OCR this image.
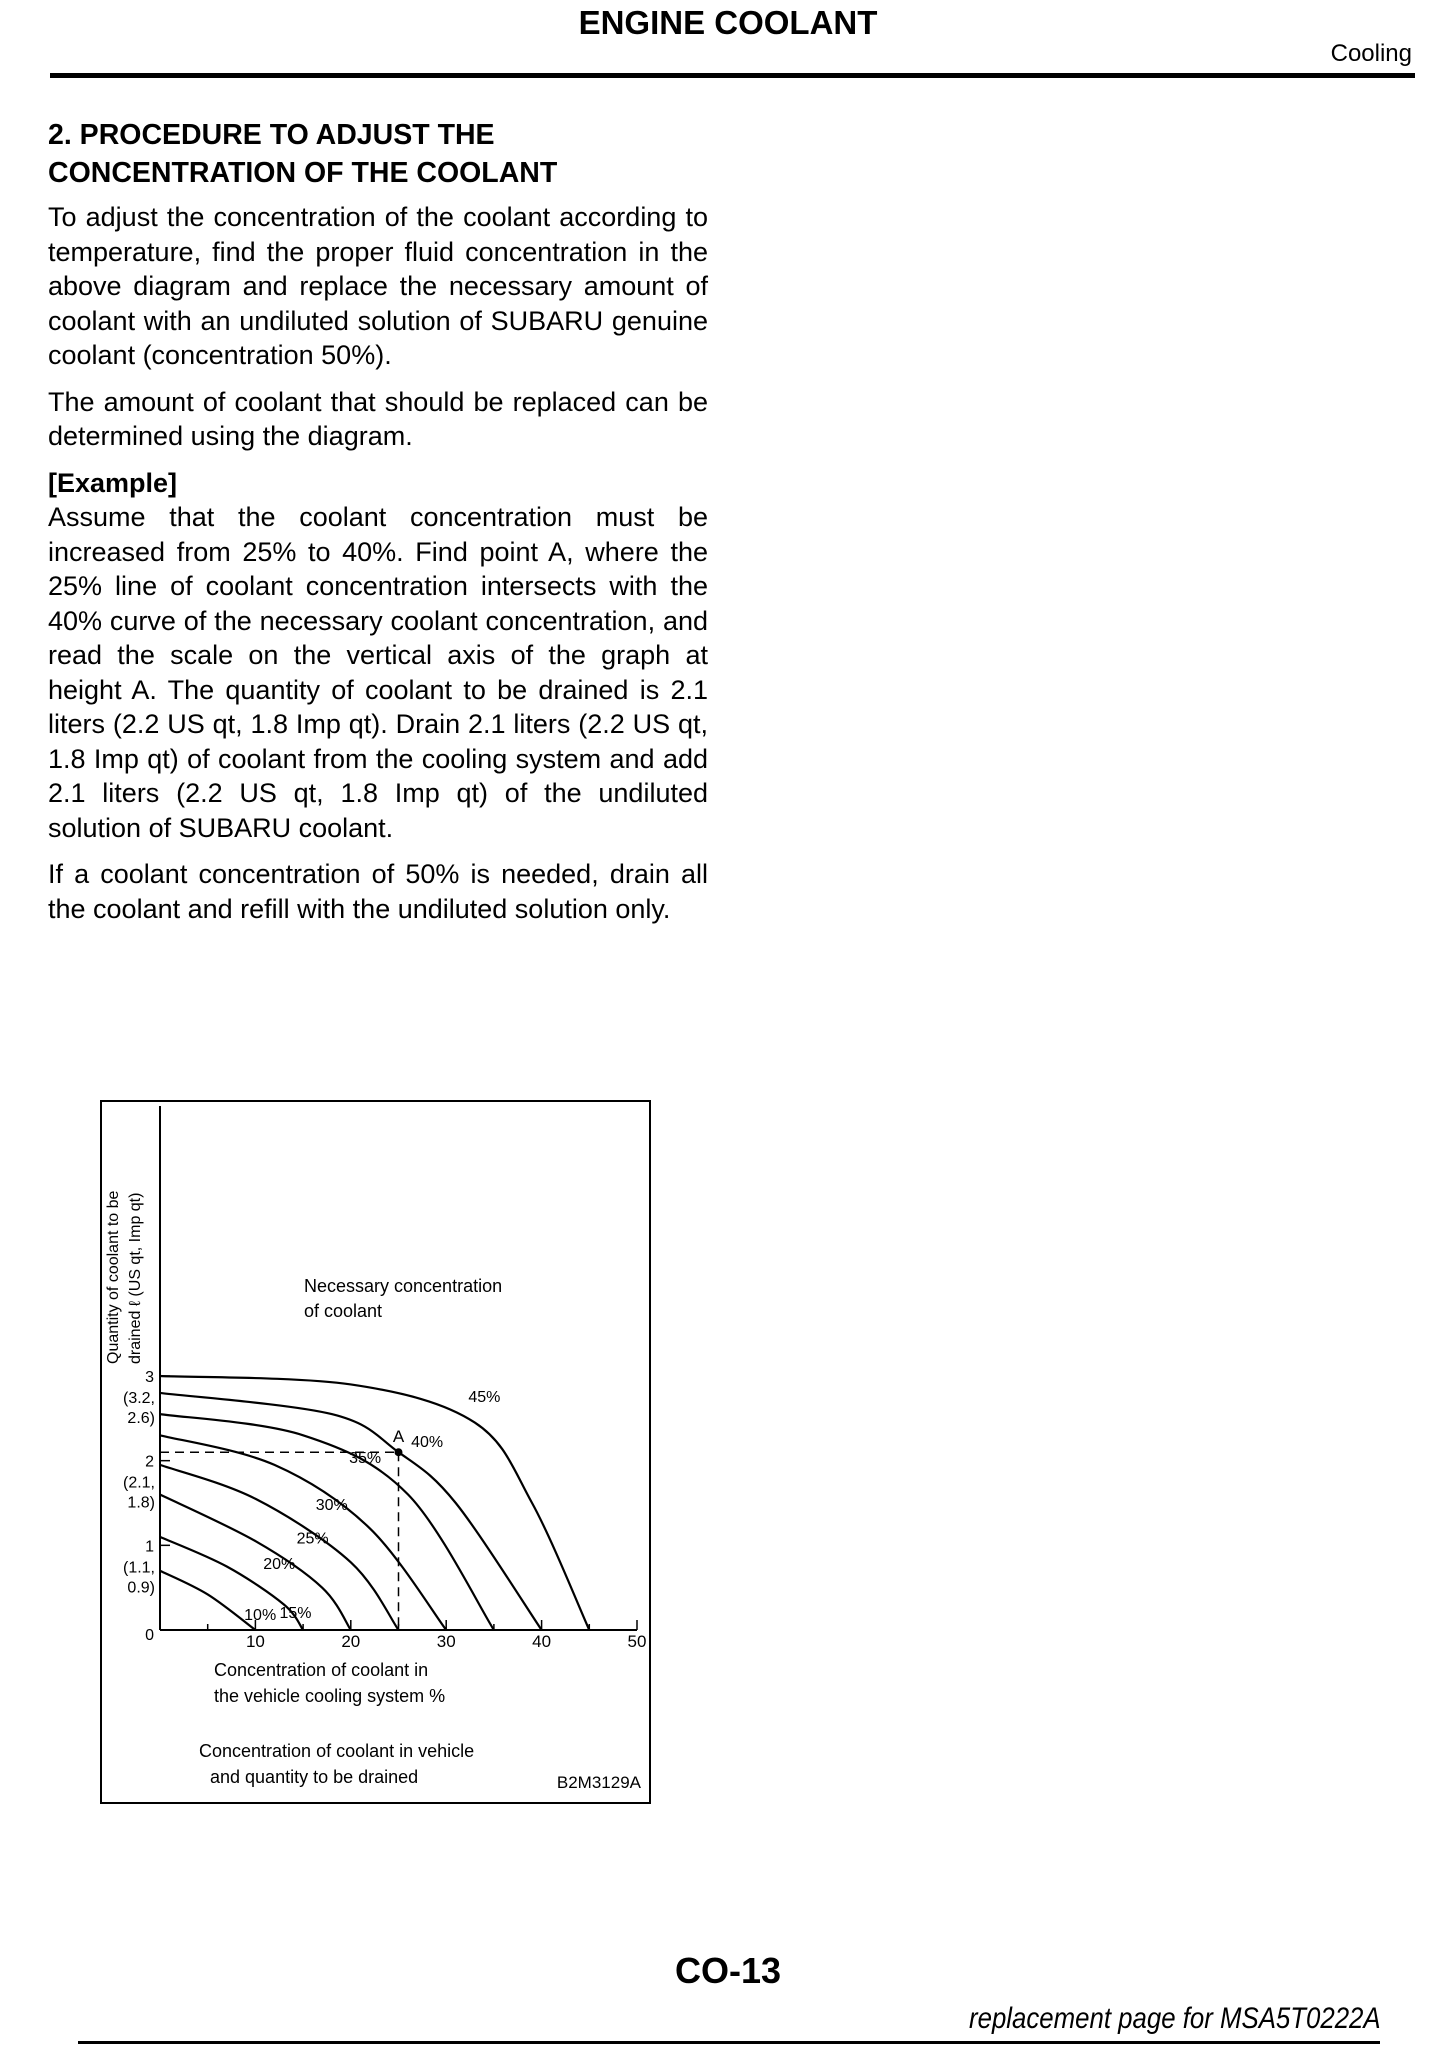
ENGINE COOLANT
Cooling
2. PROCEDURE TO ADJUST THE
CONCENTRATION OF THE COOLANT

To adjust the concentration of the coolant according to temperature, find the proper fluid concentration in the above diagram and replace the necessary amount of coolant with an undiluted solution of SUBARU genuine coolant (concentration 50%).

The amount of coolant that should be replaced can be determined using the diagram.

[Example]

Assume that the coolant concentration must be increased from 25% to 40%. Find point A, where the 25% line of coolant concentration intersects with the 40% curve of the necessary coolant concentration, and read the scale on the vertical axis of the graph at height A. The quantity of coolant to be drained is 2.1 liters (2.2 US qt, 1.8 Imp qt). Drain 2.1 liters (2.2 US qt, 1.8 Imp qt) of coolant from the cooling system and add 2.1 liters (2.2 US qt, 1.8 Imp qt) of the undiluted solution of SUBARU coolant.

If a coolant concentration of 50% is needed, drain all the coolant and refill with the undiluted solution only.

10	20	30	40	50
3
(3.2,
2.6)
2
(2.1,
1.8)
1
(1.1,
0.9)
0
Quantity of coolant to be drained ℓ (US qt, Imp qt)
10% 15%
20%
25%
30%
35%
40%
45%
A
Necessary concentration
of coolant
Concentration of coolant in
the vehicle cooling system %
Concentration of coolant in vehicle
and quantity to be drained	B2M3129A
CO-13
replacement page for MSA5T0222A
